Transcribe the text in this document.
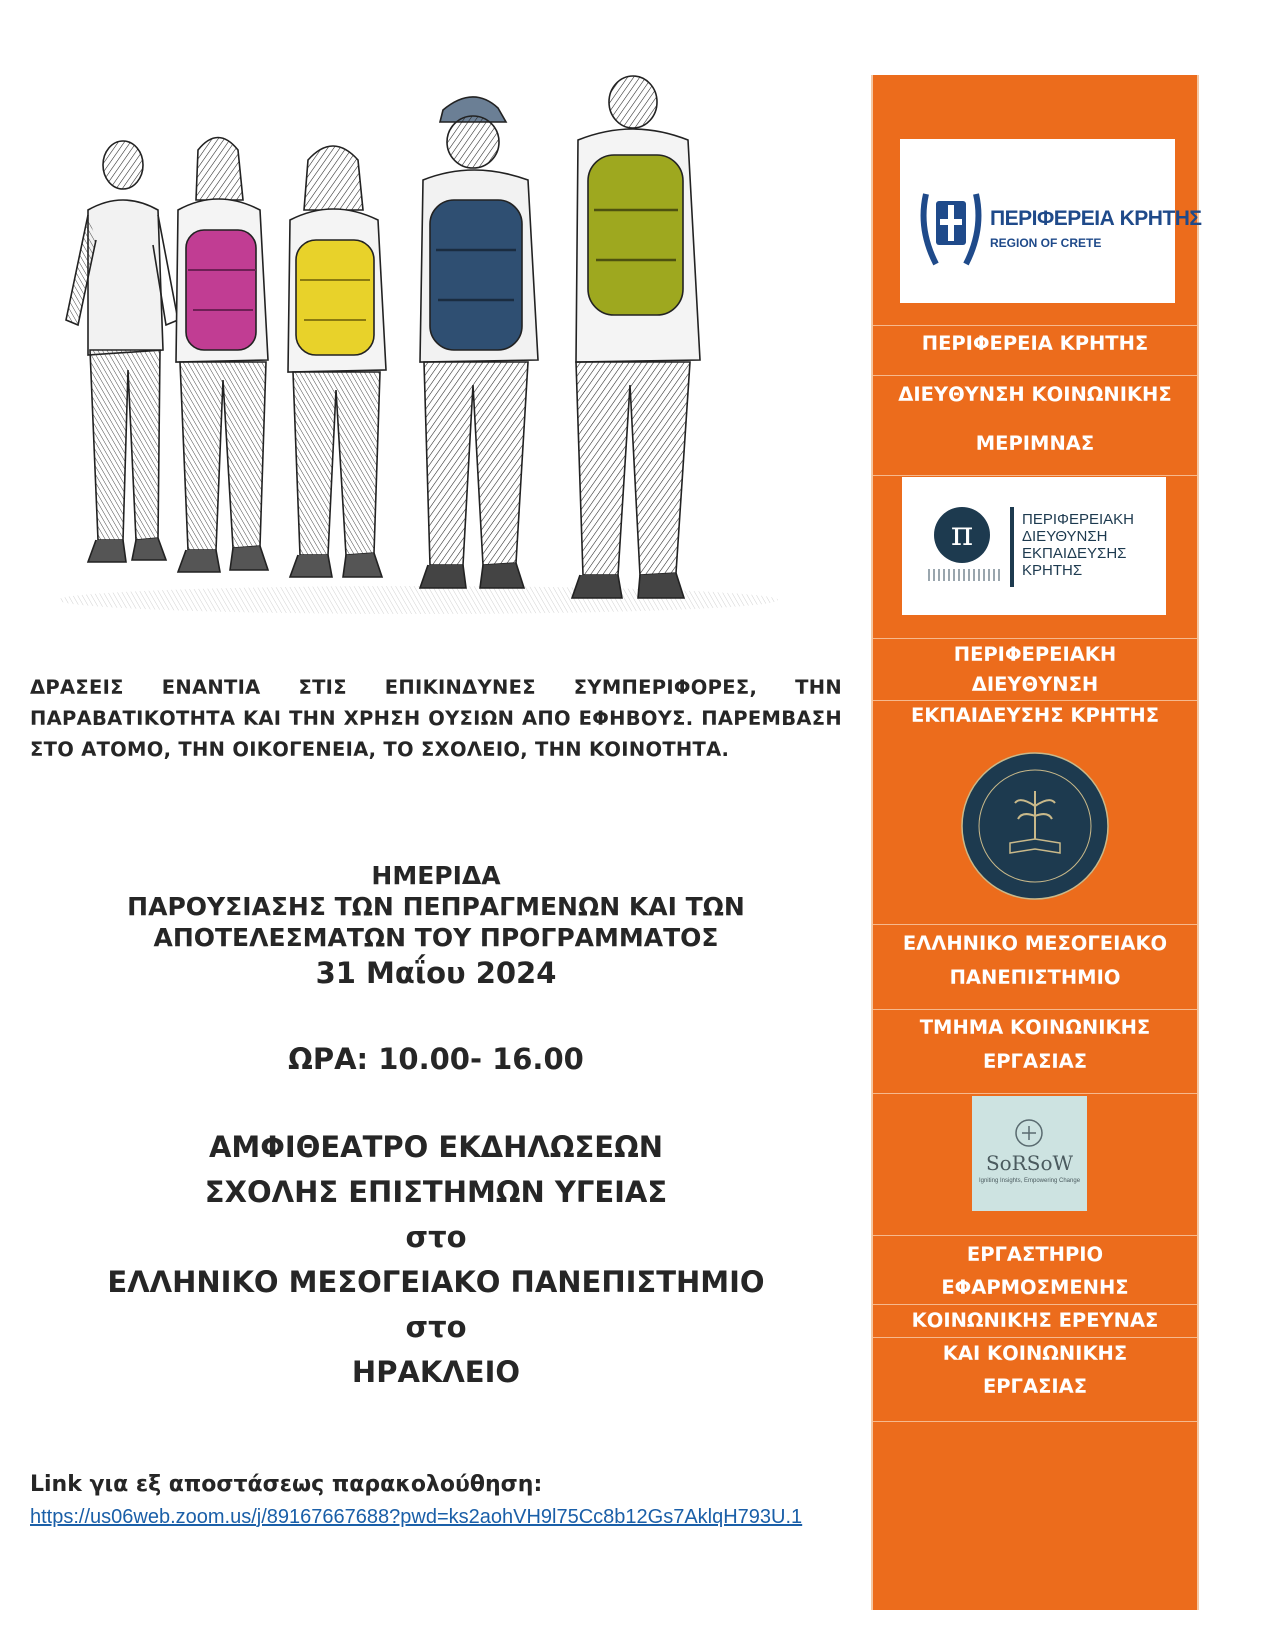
ΔΡΑΣΕΙΣ ΕΝΑΝΤΙΑ ΣΤΙΣ ΕΠΙΚΙΝΔΥΝΕΣ ΣΥΜΠΕΡΙΦΟΡΕΣ, ΤΗΝ ΠΑΡΑΒΑΤΙΚΟΤΗΤΑ ΚΑΙ ΤΗΝ ΧΡΗΣΗ ΟΥΣΙΩΝ ΑΠΟ ΕΦΗΒΟΥΣ. ΠΑΡΕΜΒΑΣΗ ΣΤΟ ΑΤΟΜΟ, ΤΗΝ ΟΙΚΟΓΕΝΕΙΑ, ΤΟ ΣΧΟΛΕΙΟ, ΤΗΝ ΚΟΙΝΟΤΗΤΑ.
ΗΜΕΡΙΔΑ
ΠΑΡΟΥΣΙΑΣΗΣ ΤΩΝ ΠΕΠΡΑΓΜΕΝΩΝ ΚΑΙ ΤΩΝ
ΑΠΟΤΕΛΕΣΜΑΤΩΝ ΤΟΥ ΠΡΟΓΡΑΜΜΑΤΟΣ
31 Μαΐου 2024
ΩΡΑ: 10.00- 16.00
ΑΜΦΙΘΕΑΤΡΟ ΕΚΔΗΛΩΣΕΩΝ
ΣΧΟΛΗΣ ΕΠΙΣΤΗΜΩΝ ΥΓΕΙΑΣ
στο
ΕΛΛΗΝΙΚΟ ΜΕΣΟΓΕΙΑΚΟ ΠΑΝΕΠΙΣΤΗΜΙΟ
στο
ΗΡΑΚΛΕΙΟ
Link για εξ αποστάσεως παρακολούθηση:
https://us06web.zoom.us/j/89167667688?pwd=ks2aohVH9l75Cc8b12Gs7AklqH793U.1
ΠΕΡΙΦΕΡΕΙΑ ΚΡΗΤΗΣ
REGION OF CRETE
ΠΕΡΙΦΕΡΕΙΑ ΚΡΗΤΗΣ
ΔΙΕΥΘΥΝΣΗ ΚΟΙΝΩΝΙΚΗΣ
ΜΕΡΙΜΝΑΣ
π	ΠΕΡΙΦΕΡΕΙΑΚΗ
ΔΙΕΥΘΥΝΣΗ
ΕΚΠΑΙΔΕΥΣΗΣ
ΚΡΗΤΗΣ
ΠΕΡΙΦΕΡΕΙΑΚΗ
ΔΙΕΥΘΥΝΣΗ
ΕΚΠΑΙΔΕΥΣΗΣ ΚΡΗΤΗΣ
ΕΛΛΗΝΙΚΟ ΜΕΣΟΓΕΙΑΚΟ
ΠΑΝΕΠΙΣΤΗΜΙΟ
ΤΜΗΜΑ ΚΟΙΝΩΝΙΚΗΣ
ΕΡΓΑΣΙΑΣ
SoRSoW
Igniting Insights, Empowering Change
ΕΡΓΑΣΤΗΡΙΟ
ΕΦΑΡΜΟΣΜΕΝΗΣ
ΚΟΙΝΩΝΙΚΗΣ ΕΡΕΥΝΑΣ
ΚΑΙ ΚΟΙΝΩΝΙΚΗΣ
ΕΡΓΑΣΙΑΣ
